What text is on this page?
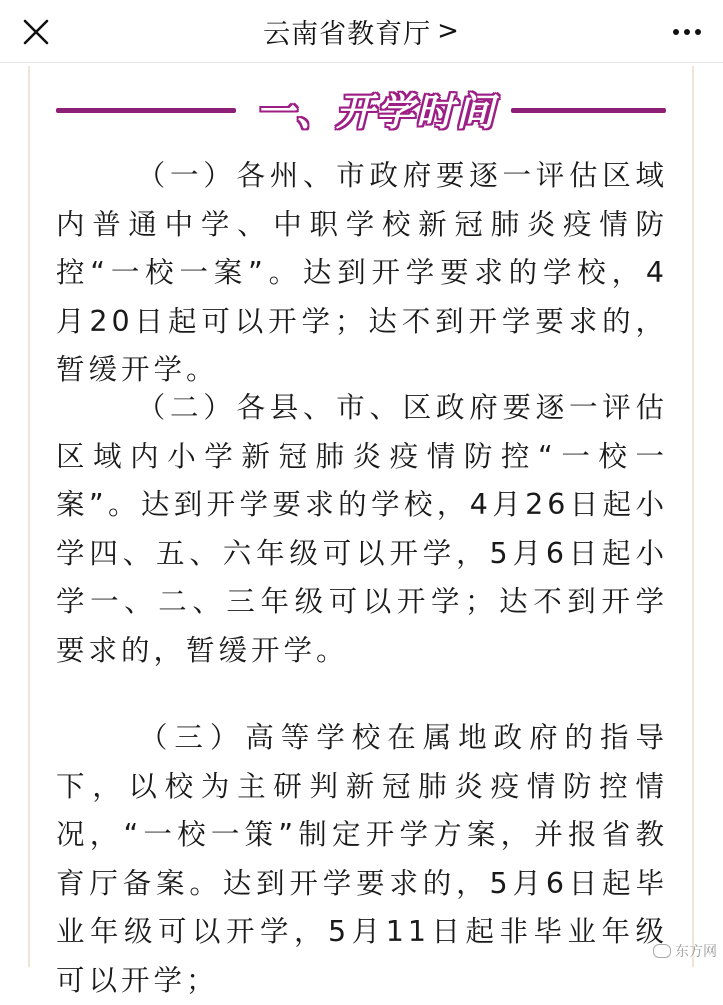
云南省教育厅 >
一、开学时间

（一）各州、市政府要逐一评估区域内普通中学、中职学校新冠肺炎疫情防控“一校一案”。达到开学要求的学校，4月20日起可以开学；达不到开学要求的，暂缓开学。

（二）各县、市、区政府要逐一评估区域内小学新冠肺炎疫情防控“一校一案”。达到开学要求的学校，4月26日起小学四、五、六年级可以开学，5月6日起小学一、二、三年级可以开学；达不到开学要求的，暂缓开学。

（三）高等学校在属地政府的指导下，以校为主研判新冠肺炎疫情防控情况，“一校一策”制定开学方案，并报省教育厅备案。达到开学要求的，5月6日起毕业年级可以开学，5月11日起非毕业年级可以开学；

东方网
